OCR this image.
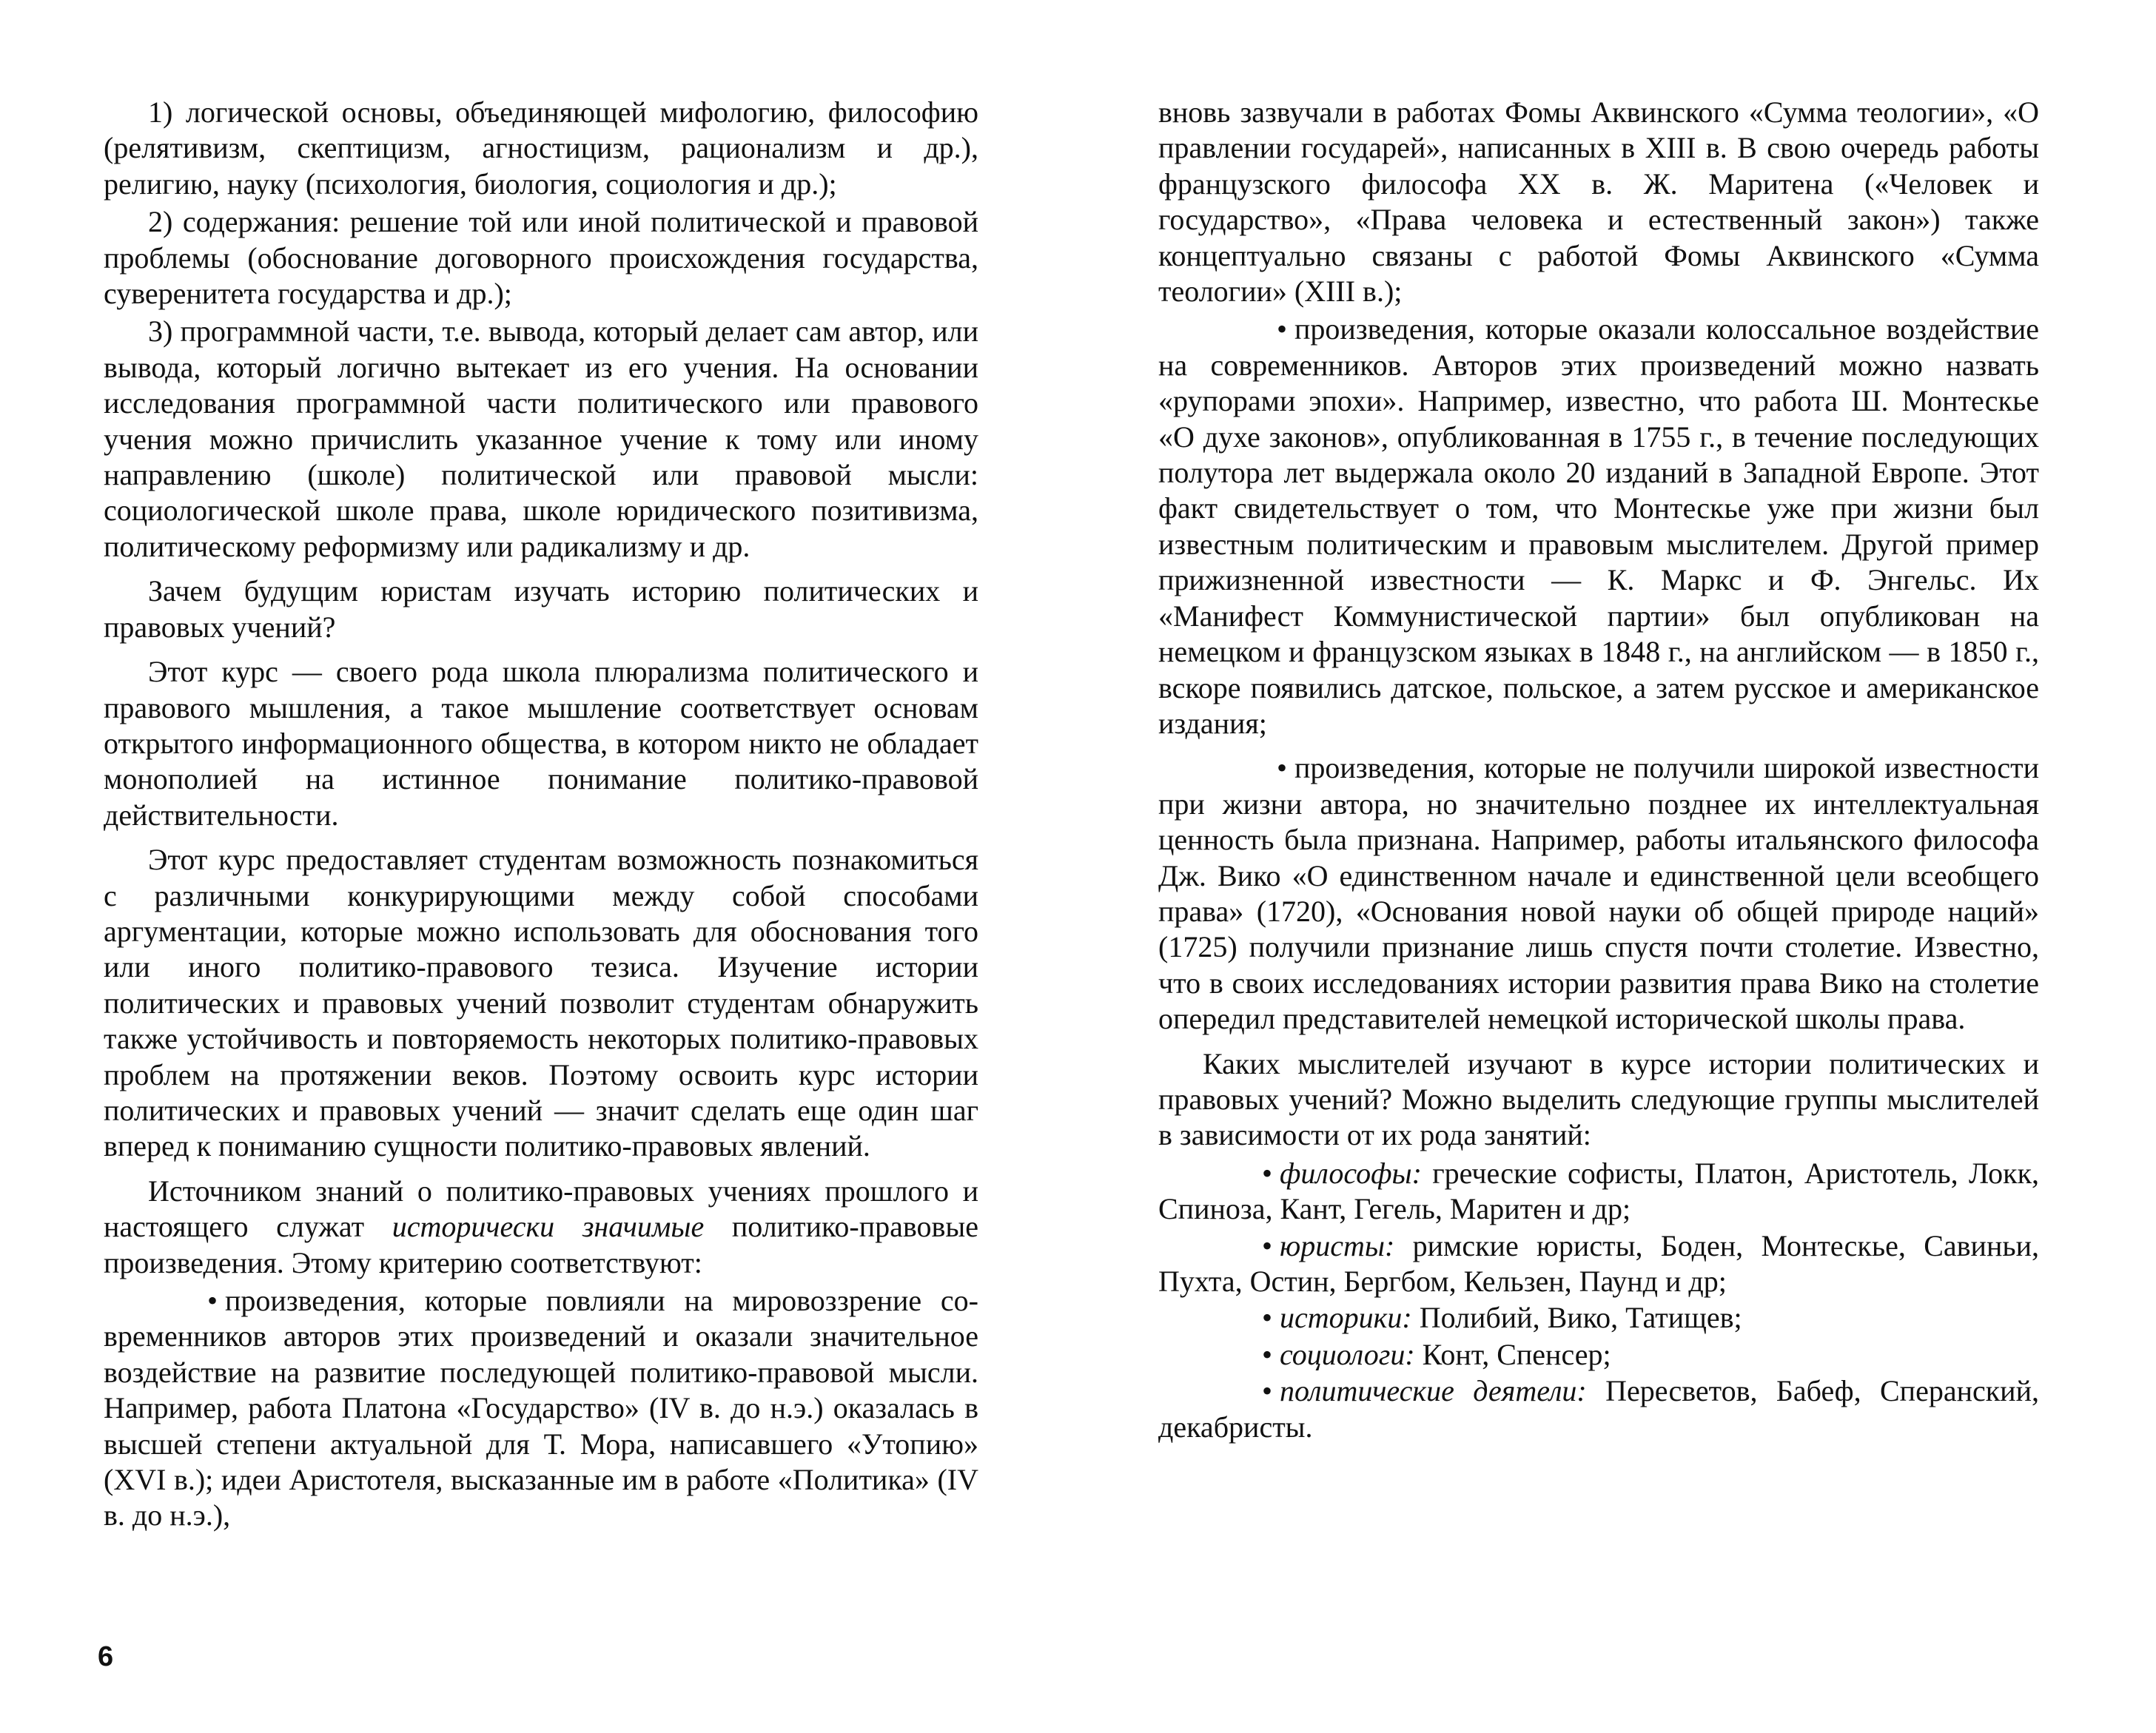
1) логической основы, объединяющей мифологию, философию (релятивизм, скептицизм, агностицизм, рационализм и др.), религию, науку (психология, биология, социология и др.);

2) содержания: решение той или иной политической и правовой проблемы (обоснование договорного происхождения государства, суверенитета государства и др.);

3) программной части, т.е. вывода, который делает сам автор, или вывода, который логично вытекает из его учения. На основании исследования программной части политического или правового учения можно причислить указанное учение к тому или иному направлению (школе) политической или правовой мысли: социологической школе права, школе юридического позитивизма, политическому реформизму или радикализму и др.

Зачем будущим юристам изучать историю политических и правовых учений?

Этот курс — своего рода школа плюрализма политического и правового мышления, а такое мышление соответствует основам открытого информационного общества, в котором никто не обладает монополией на истинное понимание политико-правовой действительности.

Этот курс предоставляет студентам возможность познакомиться с различными конкурирующими между собой способами аргументации, которые можно использовать для обоснования того или иного политико-правового тезиса. Изучение истории политических и правовых учений позволит студентам обнаружить также устойчивость и повторяемость некоторых политико-правовых проблем на протяжении веков. Поэтому освоить курс истории политических и правовых учений — значит сделать еще один шаг вперед к пониманию сущности политико-правовых явлений.

Источником знаний о политико-правовых учениях прошлого и настоящего служат исторически значимые политико-правовые произведения. Этому критерию соответствуют:

• произведения, которые повлияли на мировоззрение современников авторов этих произведений и оказали значительное воздействие на развитие последующей политико-правовой мысли. Например, работа Платона «Государство» (IV в. до н.э.) оказалась в высшей степени актуальной для Т. Мора, написавшего «Утопию» (XVI в.); идеи Аристотеля, высказанные им в работе «Политика» (IV в. до н.э.),

6

вновь зазвучали в работах Фомы Аквинского «Сумма теологии», «О правлении государей», написанных в XIII в. В свою очередь работы французского философа XX в. Ж. Маритена («Человек и государство», «Права человека и естественный закон») также концептуально связаны с работой Фомы Аквинского «Сумма теологии» (XIII в.);

• произведения, которые оказали колоссальное воздействие на современников. Авторов этих произведений можно назвать «рупорами эпохи». Например, известно, что работа Ш. Монтескье «О духе законов», опубликованная в 1755 г., в течение последующих полутора лет выдержала около 20 изданий в Западной Европе. Этот факт свидетельствует о том, что Монтескье уже при жизни был известным политическим и правовым мыслителем. Другой пример прижизненной известности — К. Маркс и Ф. Энгельс. Их «Манифест Коммунистической партии» был опубликован на немецком и французском языках в 1848 г., на английском — в 1850 г., вскоре появились датское, польское, а затем русское и американское издания;

• произведения, которые не получили широкой известности при жизни автора, но значительно позднее их интеллектуальная ценность была признана. Например, работы итальянского философа Дж. Вико «О единственном начале и единственной цели всеобщего права» (1720), «Основания новой науки об общей природе наций» (1725) получили признание лишь спустя почти столетие. Известно, что в своих исследованиях истории развития права Вико на столетие опередил представителей немецкой исторической школы права.

Каких мыслителей изучают в курсе истории политических и правовых учений? Можно выделить следующие группы мыслителей в зависимости от их рода занятий:

• философы: греческие софисты, Платон, Аристотель, Локк, Спиноза, Кант, Гегель, Маритен и др;

• юристы: римские юристы, Боден, Монтескье, Савиньи, Пухта, Остин, Бергбом, Кельзен, Паунд и др;

• историки: Полибий, Вико, Татищев;

• социологи: Конт, Спенсер;

• политические деятели: Пересветов, Бабеф, Сперанский, декабристы.
